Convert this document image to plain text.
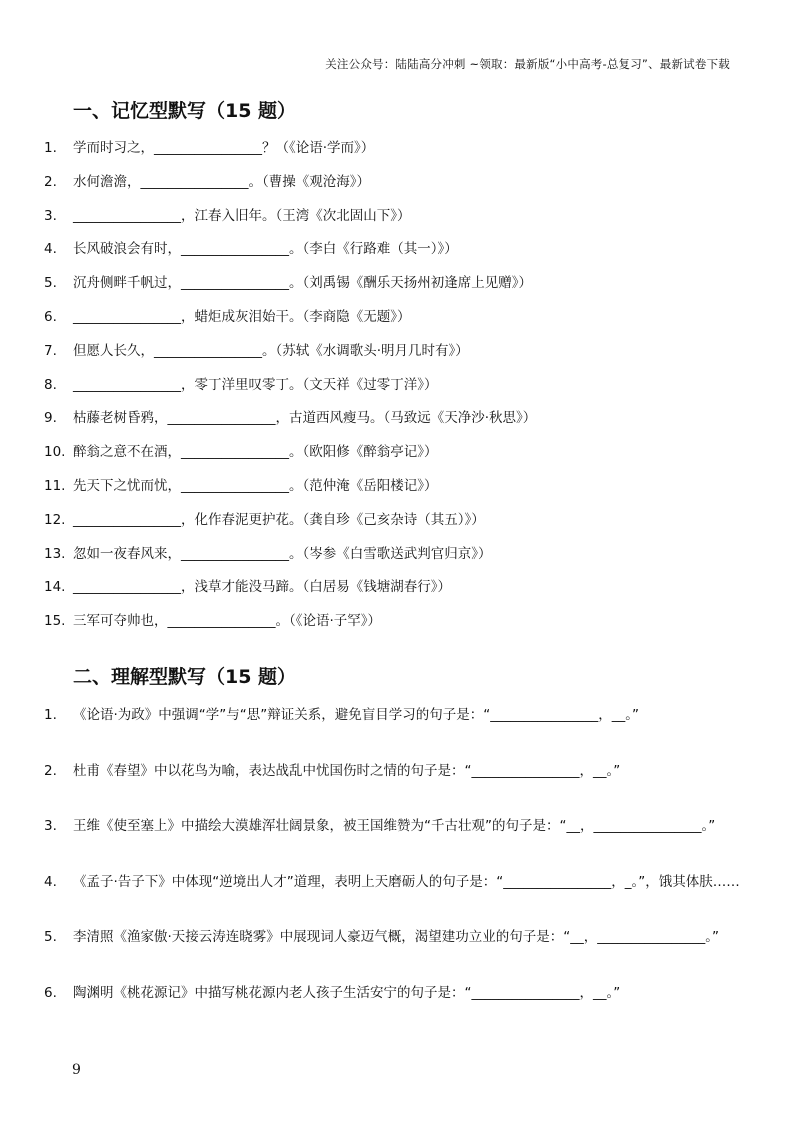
关注公众号：陆陆高分冲刺 ~领取：最新版“小中高考-总复习”、最新试卷下载
一、记忆型默写（15 题）
1. 学而时习之，________________？（《论语·学而》）
2. 水何澹澹，________________。（曹操《观沧海》）
3. ________________，江春入旧年。（王湾《次北固山下》）
4. 长风破浪会有时，________________。（李白《行路难（其一）》）
5. 沉舟侧畔千帆过，________________。（刘禹锡《酬乐天扬州初逢席上见赠》）
6. ________________，蜡炬成灰泪始干。（李商隐《无题》）
7. 但愿人长久，________________。（苏轼《水调歌头·明月几时有》）
8. ________________，零丁洋里叹零丁。（文天祥《过零丁洋》）
9. 枯藤老树昏鸦，________________，古道西风瘦马。（马致远《天净沙·秋思》）
10. 醉翁之意不在酒，________________。（欧阳修《醉翁亭记》）
11. 先天下之忧而忧，________________。（范仲淹《岳阳楼记》）
12. ________________，化作春泥更护花。（龚自珍《己亥杂诗（其五）》）
13. 忽如一夜春风来，________________。（岑参《白雪歌送武判官归京》）
14. ________________，浅草才能没马蹄。（白居易《钱塘湖春行》）
15. 三军可夺帅也，________________。（《论语·子罕》）
二、理解型默写（15 题）
1. 《论语·为政》中强调“学”与“思”辩证关系，避免盲目学习的句子是：“________________，__。”
2. 杜甫《春望》中以花鸟为喻，表达战乱中忧国伤时之情的句子是：“________________，__。”
3. 王维《使至塞上》中描绘大漠雄浑壮阔景象，被王国维赞为“千古壮观”的句子是：“__，________________。”
4. 《孟子·告子下》中体现“逆境出人才”道理，表明上天磨砺人的句子是：“________________，_。”，饿其体肤……
5. 李清照《渔家傲·天接云涛连晓雾》中展现词人豪迈气概，渴望建功立业的句子是：“__，________________。”
6. 陶渊明《桃花源记》中描写桃花源内老人孩子生活安宁的句子是：“________________，__。”
9
